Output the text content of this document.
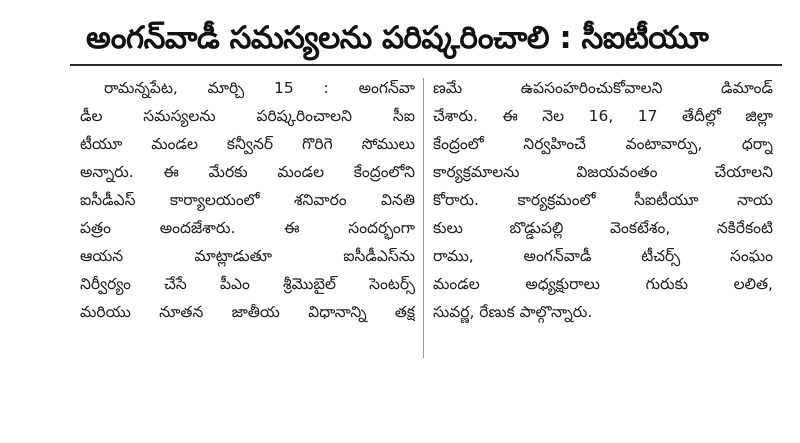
అంగన్‌వాడీ సమస్యలను పరిష్కరించాలి : సీఐటీయూ
రామన్నపేట, మార్చి 15 : అంగన్‌వా
డీల సమస్యలను పరిష్కరించాలని సీఐ
టీయూ మండల కన్వీనర్ గొరిగె సోములు
అన్నారు. ఈ మేరకు మండల కేంద్రంలోని
ఐసీడీఎస్ కార్యాలయంలో శనివారం వినతి
పత్రం అందజేశారు. ఈ సందర్భంగా
ఆయన మాట్లాడుతూ ఐసీడీఎస్‌ను
నిర్వీర్యం చేసే పీఎం శ్రీమొబైల్ సెంటర్స్
మరియు నూతన జాతీయ విధానాన్ని తక్ష
ణమే ఉపసంహరించుకోవాలని డిమాండ్
చేశారు. ఈ నెల 16, 17 తేదీల్లో జిల్లా
కేంద్రంలో నిర్వహించే వంటావార్పు, ధర్నా
కార్యక్రమాలను విజయవంతం చేయాలని
కోరారు. కార్యక్రమంలో సీఐటీయూ నాయ
కులు బొడ్డుపల్లి వెంకటేశం, నకిరేకంటి
రాము, అంగన్‌వాడీ టీచర్స్ సంఘం
మండల అధ్యక్షురాలు గురుకు లలిత,
సువర్ణ, రేణుక పాల్గొన్నారు.
